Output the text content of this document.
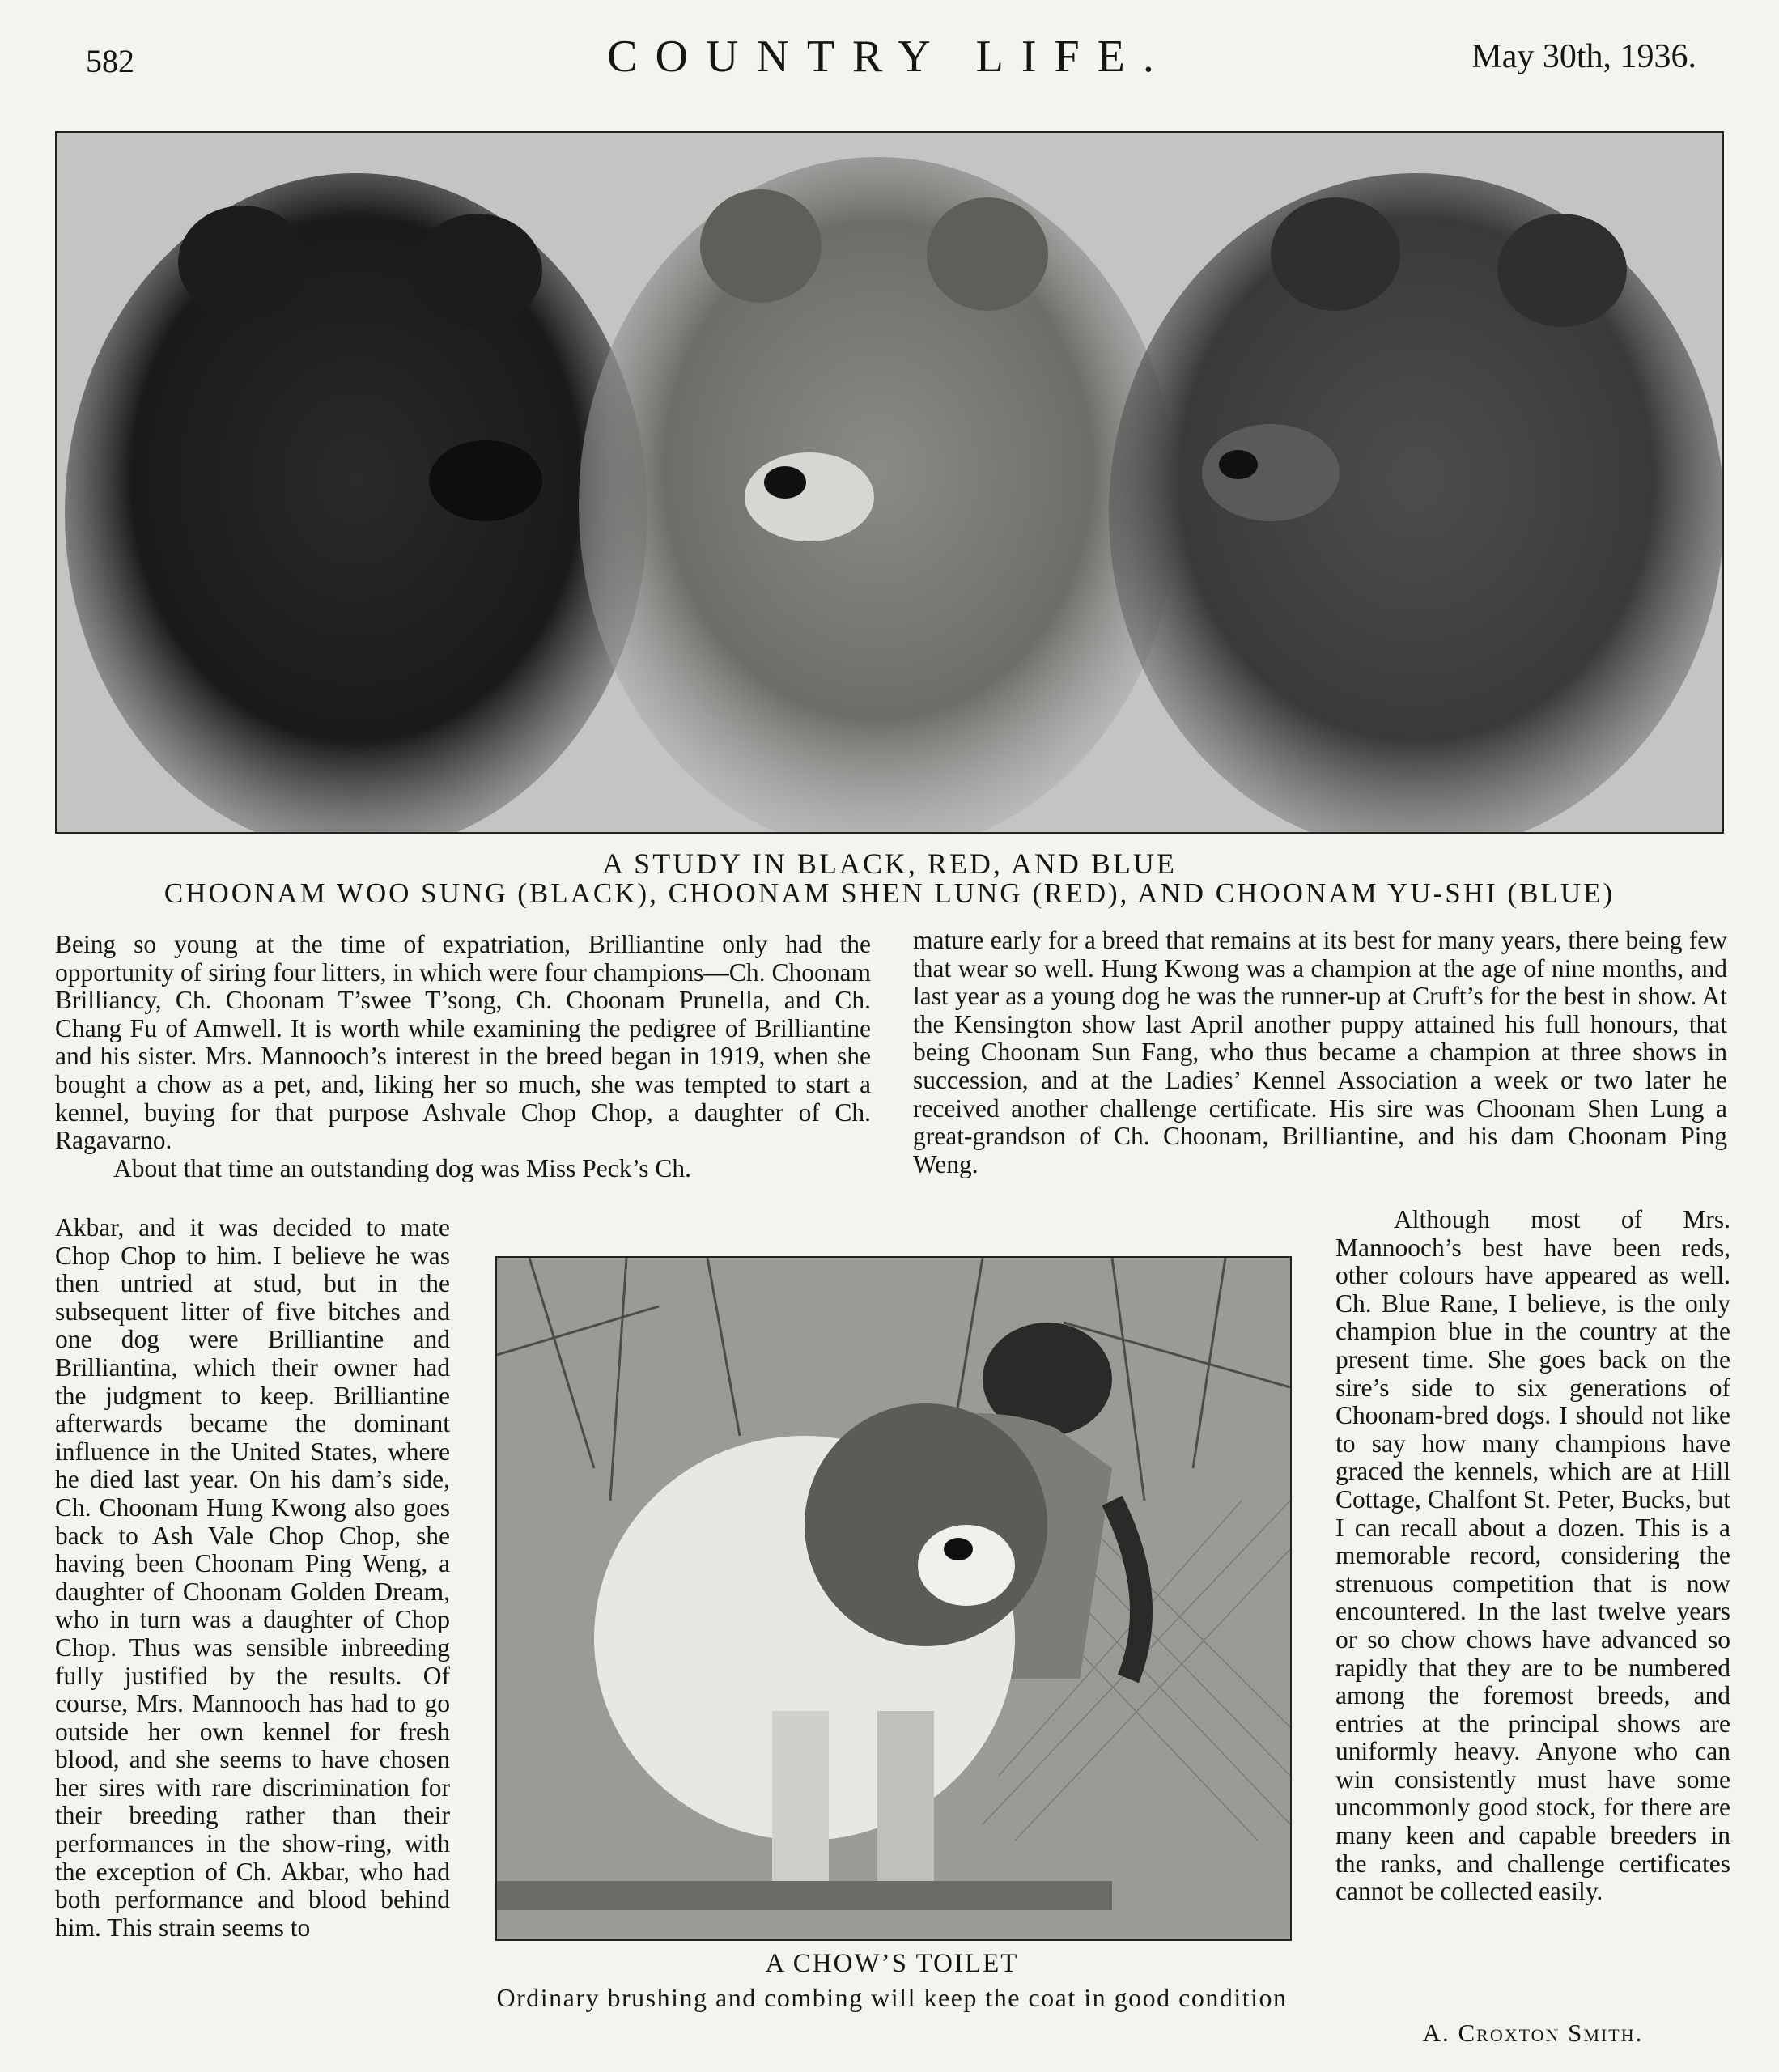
582	COUNTRY LIFE.	May 30th, 1936.
A STUDY IN BLACK, RED, AND BLUE
CHOONAM WOO SUNG (BLACK), CHOONAM SHEN LUNG (RED), AND CHOONAM YU-SHI (BLUE)

Being so young at the time of expatriation, Brilliantine only had the opportunity of siring four litters, in which were four champions—Ch. Choonam Brilliancy, Ch. Choonam T’swee T’song, Ch. Choonam Prunella, and Ch. Chang Fu of Amwell. It is worth while examining the pedigree of Brilliantine and his sister. Mrs. Mannooch’s interest in the breed began in 1919, when she bought a chow as a pet, and, liking her so much, she was tempted to start a kennel, buying for that purpose Ashvale Chop Chop, a daughter of Ch. Ragavarno.

About that time an outstanding dog was Miss Peck’s Ch.

mature early for a breed that remains at its best for many years, there being few that wear so well. Hung Kwong was a champion at the age of nine months, and last year as a young dog he was the runner-up at Cruft’s for the best in show. At the Kensington show last April another puppy attained his full honours, that being Choonam Sun Fang, who thus became a champion at three shows in succession, and at the Ladies’ Kennel Association a week or two later he received another challenge certificate. His sire was Choonam Shen Lung a great-grandson of Ch. Choonam, Brilliantine, and his dam Choonam Ping Weng.

Akbar, and it was decided to mate Chop Chop to him. I believe he was then untried at stud, but in the subsequent litter of five bitches and one dog were Brilliantine and Brilliantina, which their owner had the judgment to keep. Brilliantine afterwards became the dominant influence in the United States, where he died last year. On his dam’s side, Ch. Choonam Hung Kwong also goes back to Ash Vale Chop Chop, she having been Choonam Ping Weng, a daughter of Choonam Golden Dream, who in turn was a daughter of Chop Chop. Thus was sensible inbreeding fully justified by the results. Of course, Mrs. Mannooch has had to go outside her own kennel for fresh blood, and she seems to have chosen her sires with rare discrimination for their breeding rather than their performances in the show-ring, with the exception of Ch. Akbar, who had both performance and blood behind him. This strain seems to

A CHOW’S TOILET
Ordinary brushing and combing will keep the coat in good condition

Although most of Mrs. Mannooch’s best have been reds, other colours have appeared as well. Ch. Blue Rane, I believe, is the only champion blue in the country at the present time. She goes back on the sire’s side to six generations of Choonam-bred dogs. I should not like to say how many champions have graced the kennels, which are at Hill Cottage, Chalfont St. Peter, Bucks, but I can recall about a dozen. This is a memorable record, considering the strenuous competition that is now encountered. In the last twelve years or so chow chows have advanced so rapidly that they are to be numbered among the foremost breeds, and entries at the principal shows are uniformly heavy. Anyone who can win consistently must have some uncommonly good stock, for there are many keen and capable breeders in the ranks, and challenge certificates cannot be collected easily.

A. Croxton Smith.
